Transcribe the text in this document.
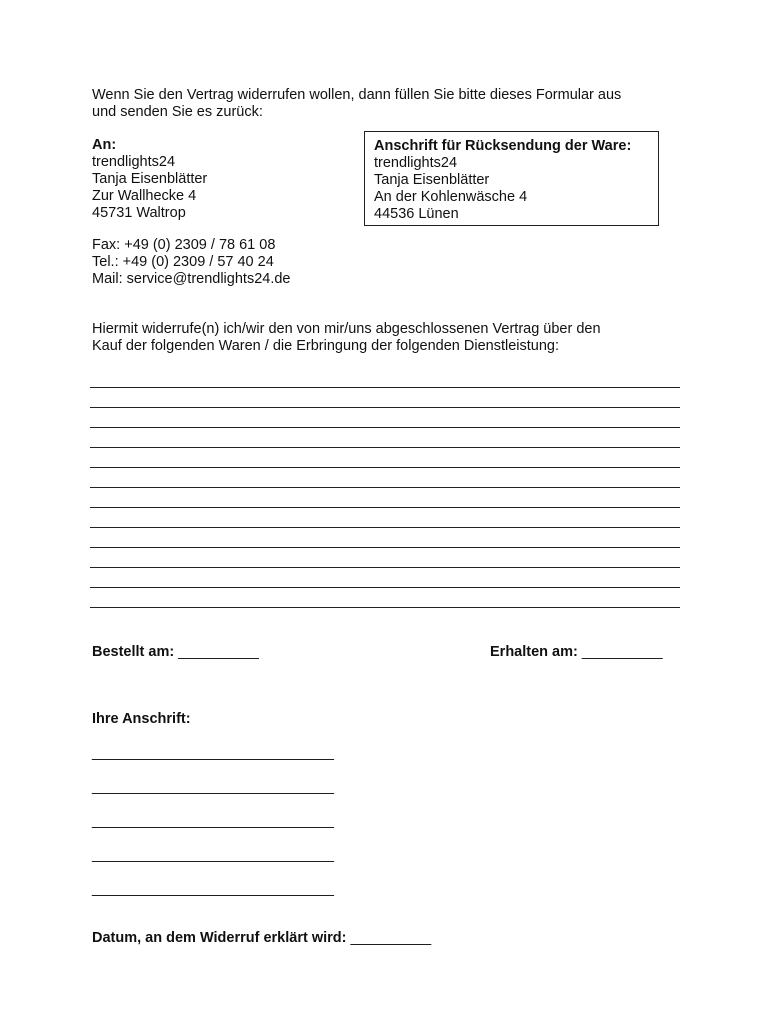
Wenn Sie den Vertrag widerrufen wollen, dann füllen Sie bitte dieses Formular aus
und senden Sie es zurück:
An:
trendlights24
Tanja Eisenblätter
Zur Wallhecke 4
45731 Waltrop
Anschrift für Rücksendung der Ware:
trendlights24
Tanja Eisenblätter
An der Kohlenwäsche 4
44536 Lünen
Fax: +49 (0) 2309 / 78 61 08
Tel.: +49 (0) 2309 / 57 40 24
Mail: service@trendlights24.de
Hiermit widerrufe(n) ich/wir den von mir/uns abgeschlossenen Vertrag über den
Kauf der folgenden Waren / die Erbringung der folgenden Dienstleistung:
Bestellt am: __________	Erhalten am: __________
Ihre Anschrift:
______________________________
______________________________
______________________________
______________________________
______________________________
Datum, an dem Widerruf erklärt wird: __________
